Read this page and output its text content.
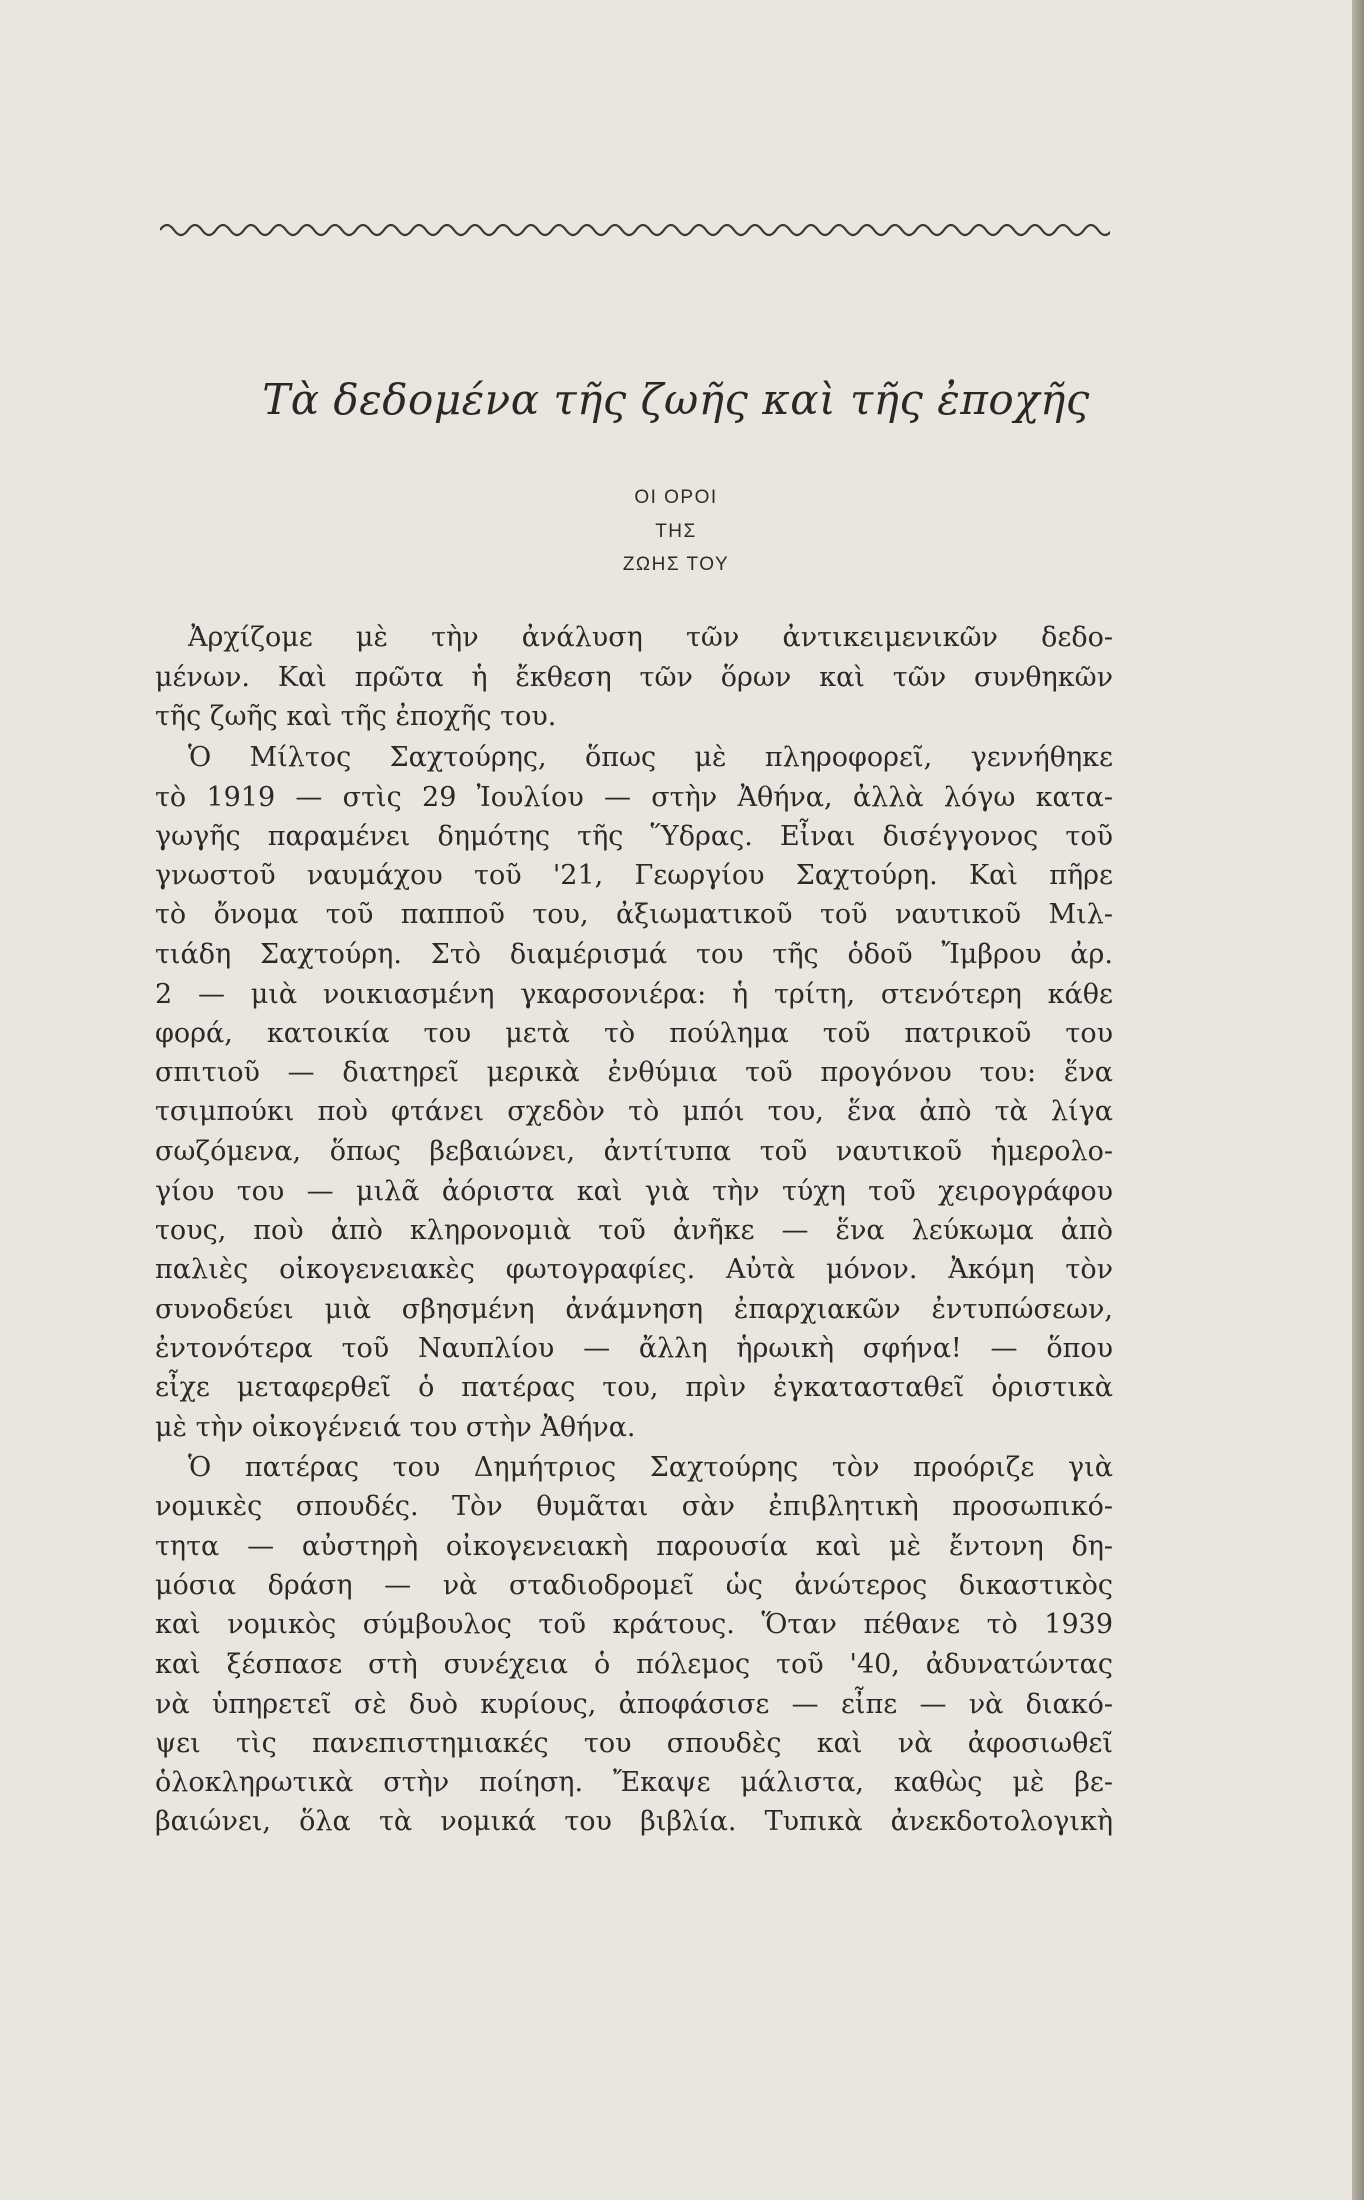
Τὰ δεδομένα τῆς ζωῆς καὶ τῆς ἐποχῆς
ΟΙ ΟΡΟΙ
ΤΗΣ
ΖΩΗΣ ΤΟΥ
Ἀρχίζομε μὲ τὴν ἀνάλυση τῶν ἀντικειμενικῶν δεδο-
μένων. Καὶ πρῶτα ἡ ἔκθεση τῶν ὅρων καὶ τῶν συνθηκῶν
τῆς ζωῆς καὶ τῆς ἐποχῆς του.
Ὁ Μίλτος Σαχτούρης, ὅπως μὲ πληροφορεῖ, γεννήθηκε
τὸ 1919 — στὶς 29 Ἰουλίου — στὴν Ἀθήνα, ἀλλὰ λόγω κατα-
γωγῆς παραμένει δημότης τῆς Ὕδρας. Εἶναι δισέγγονος τοῦ
γνωστοῦ ναυμάχου τοῦ '21, Γεωργίου Σαχτούρη. Καὶ πῆρε
τὸ ὄνομα τοῦ παπποῦ του, ἀξιωματικοῦ τοῦ ναυτικοῦ Μιλ-
τιάδη Σαχτούρη. Στὸ διαμέρισμά του τῆς ὁδοῦ Ἴμβρου ἀρ.
2 — μιὰ νοικιασμένη γκαρσονιέρα: ἡ τρίτη, στενότερη κάθε
φορά, κατοικία του μετὰ τὸ πούλημα τοῦ πατρικοῦ του
σπιτιοῦ — διατηρεῖ μερικὰ ἐνθύμια τοῦ προγόνου του: ἕνα
τσιμπούκι ποὺ φτάνει σχεδὸν τὸ μπόι του, ἕνα ἀπὸ τὰ λίγα
σωζόμενα, ὅπως βεβαιώνει, ἀντίτυπα τοῦ ναυτικοῦ ἡμερολο-
γίου του — μιλᾶ ἀόριστα καὶ γιὰ τὴν τύχη τοῦ χειρογράφου
τους, ποὺ ἀπὸ κληρονομιὰ τοῦ ἀνῆκε — ἕνα λεύκωμα ἀπὸ
παλιὲς οἰκογενειακὲς φωτογραφίες. Αὐτὰ μόνον. Ἀκόμη τὸν
συνοδεύει μιὰ σβησμένη ἀνάμνηση ἐπαρχιακῶν ἐντυπώσεων,
ἐντονότερα τοῦ Ναυπλίου — ἄλλη ἡρωικὴ σφήνα! — ὅπου
εἶχε μεταφερθεῖ ὁ πατέρας του, πρὶν ἐγκατασταθεῖ ὁριστικὰ
μὲ τὴν οἰκογένειά του στὴν Ἀθήνα.
Ὁ πατέρας του Δημήτριος Σαχτούρης τὸν προόριζε γιὰ
νομικὲς σπουδές. Τὸν θυμᾶται σὰν ἐπιβλητικὴ προσωπικό-
τητα — αὐστηρὴ οἰκογενειακὴ παρουσία καὶ μὲ ἔντονη δη-
μόσια δράση — νὰ σταδιοδρομεῖ ὡς ἀνώτερος δικαστικὸς
καὶ νομικὸς σύμβουλος τοῦ κράτους. Ὅταν πέθανε τὸ 1939
καὶ ξέσπασε στὴ συνέχεια ὁ πόλεμος τοῦ '40, ἀδυνατώντας
νὰ ὑπηρετεῖ σὲ δυὸ κυρίους, ἀποφάσισε — εἶπε — νὰ διακό-
ψει τὶς πανεπιστημιακές του σπουδὲς καὶ νὰ ἀφοσιωθεῖ
ὁλοκληρωτικὰ στὴν ποίηση. Ἔκαψε μάλιστα, καθὼς μὲ βε-
βαιώνει, ὅλα τὰ νομικά του βιβλία. Τυπικὰ ἀνεκδοτολογικὴ
